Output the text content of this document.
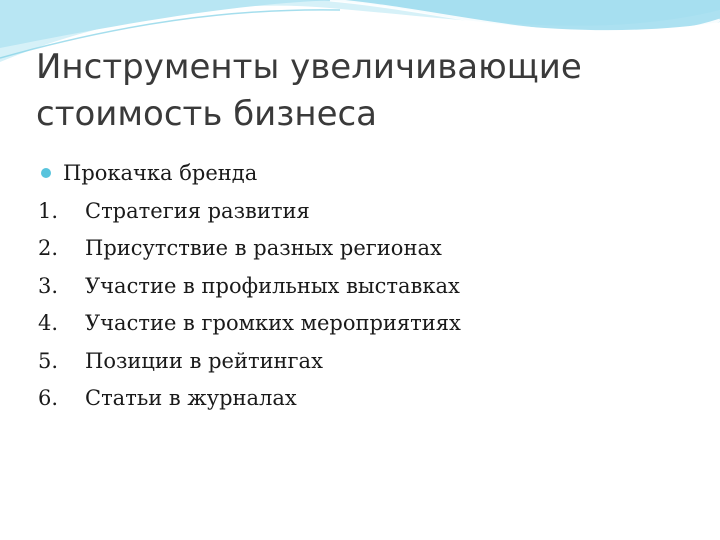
Инструменты увеличивающие
стоимость бизнеса
Прокачка бренда
1. Стратегия развития
2. Присутствие в разных регионах
3. Участие в профильных выставках
4. Участие в громких мероприятиях
5. Позиции в рейтингах
6. Статьи в журналах
